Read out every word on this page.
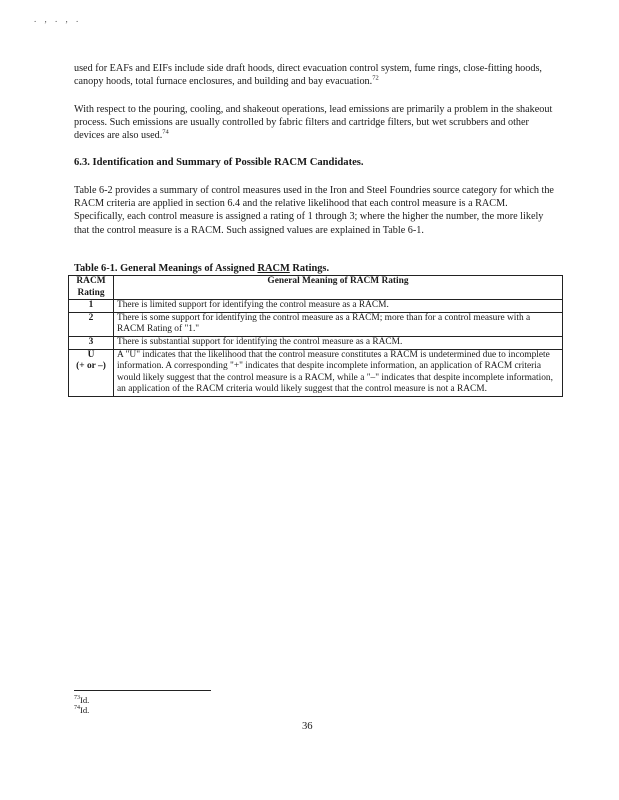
. , . , .

used for EAFs and EIFs include side draft hoods, direct evacuation control system, fume rings, close-fitting hoods, canopy hoods, total furnace enclosures, and building and bay evacuation.$^{72}$

With respect to the pouring, cooling, and shakeout operations, lead emissions are primarily a problem in the shakeout process. Such emissions are usually controlled by fabric filters and cartridge filters, but wet scrubbers and other devices are also used.$^{74}$

6.3. Identification and Summary of Possible RACM Candidates.

Table 6-2 provides a summary of control measures used in the Iron and Steel Foundries source category for which the RACM criteria are applied in section 6.4 and the relative likelihood that each control measure is a RACM. Specifically, each control measure is assigned a rating of 1 through 3; where the higher the number, the more likely that the control measure is a RACM. Such assigned values are explained in Table 6-1.

Table 6-1. General Meanings of Assigned RACM Ratings.
RACM Rating	General Meaning of RACM Rating
1	There is limited support for identifying the control measure as a RACM.
2	There is some support for identifying the control measure as a RACM; more than for a control measure with a RACM Rating of "1."
3	There is substantial support for identifying the control measure as a RACM.

U
(+ or –)	A "U" indicates that the likelihood that the control measure constitutes a RACM is undetermined due to incomplete information. A corresponding "+" indicates that despite incomplete information, an application of RACM criteria would likely suggest that the control measure is a RACM, while a "–" indicates that despite incomplete information, an application of the RACM criteria would likely suggest that the control measure is not a RACM.
$^{73}$Id.
$^{74}$Id.
36
